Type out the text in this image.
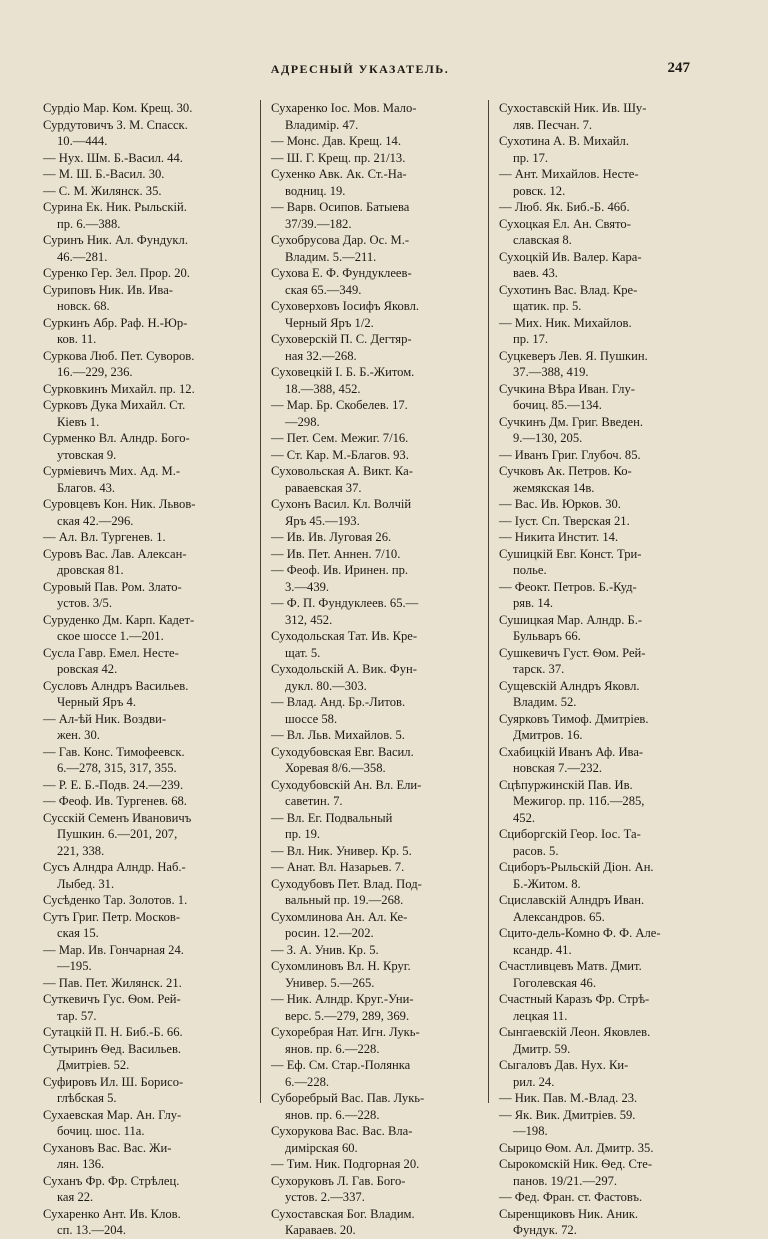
АДРЕСНЫЙ УКАЗАТЕЛЬ.	247
Сурдіо Мар. Ком. Крещ. 30.
Сурдутовичъ З. М. Спасск.
10.—444.
— Нух. Шм. Б.-Васил. 44.
— М. Ш. Б.-Васил. 30.
— С. М. Жилянск. 35.
Сурина Ек. Ник. Рыльскій.
пр. 6.—388.
Суринъ Ник. Ал. Фундукл.
46.—281.
Суренко Гер. Зел. Прор. 20.
Суриповъ Ник. Ив. Ива-
новск. 68.
Суркинъ Абр. Раф. Н.-Юр-
ков. 11.
Суркова Люб. Пет. Суворов.
16.—229, 236.
Сурковкинъ Михайл. пр. 12.
Сурковъ Дука Михайл. Ст.
Кіевъ 1.
Сурменко Вл. Алндр. Бого-
утовская 9.
Сурміевичъ Мих. Ад. М.-
Благов. 43.
Суровцевъ Кон. Ник. Львов-
ская 42.—296.
— Ал. Вл. Тургенев. 1.
Суровъ Вас. Лав. Алексан-
дровская 81.
Суровый Пав. Ром. Злато-
устов. 3/5.
Суруденко Дм. Карп. Кадет-
ское шоссе 1.—201.
Сусла Гавр. Емел. Несте-
ровская 42.
Сусловъ Алндръ Васильев.
Черный Яръ 4.
— Ал-ѣй Ник. Воздви-
жен. 30.
— Гав. Конс. Тимофеевск.
6.—278, 315, 317, 355.
— Р. Е. Б.-Подв. 24.—239.
— Феоф. Ив. Тургенев. 68.
Сусскій Семенъ Ивановичъ
Пушкин. 6.—201, 207,
221, 338.
Сусъ Алндра Алндр. Наб.-
Лыбед. 31.
Сусѣденко Тар. Золотов. 1.
Сутъ Григ. Петр. Москов-
ская 15.
— Мар. Ив. Гончарная 24.
—195.
— Пав. Пет. Жилянск. 21.
Суткевичъ Гус. Ѳом. Рей-
тар. 57.
Сутацкій П. Н. Биб.-Б. 66.
Сутыринъ Ѳед. Васильев.
Дмитріев. 52.
Суфировъ Ил. Ш. Борисо-
глѣбская 5.
Сухаевская Мар. Ан. Глу-
бочиц. шос. 11а.
Сухановъ Вас. Вас. Жи-
лян. 136.
Суханъ Фр. Фр. Стрѣлец.
кая 22.
Сухаренко Ант. Ив. Клов.
сп. 13.—204.
Сухаренко Іос. Мов. Мало-
Владимір. 47.
— Монс. Дав. Крещ. 14.
— Ш. Г. Крещ. пр. 21/13.
Сухенко Авк. Ак. Ст.-На-
водниц. 19.
— Варв. Осипов. Батыева
37/39.—182.
Сухобрусова Дар. Ос. М.-
Владим. 5.—211.
Сухова Е. Ф. Фундуклеев-
ская 65.—349.
Суховерховъ Іосифъ Яковл.
Черный Яръ 1/2.
Суховерскій П. С. Дегтяр-
ная 32.—268.
Суховецкій І. Б. Б.-Житом.
18.—388, 452.
— Мар. Бр. Скобелев. 17.
—298.
— Пет. Сем. Межиг. 7/16.
— Ст. Кар. М.-Благов. 93.
Суховольская А. Викт. Ка-
раваевская 37.
Сухонъ Васил. Кл. Волчій
Яръ 45.—193.
— Ив. Ив. Луговая 26.
— Ив. Пет. Аннен. 7/10.
— Феоф. Ив. Иринен. пр.
3.—439.
— Ф. П. Фундуклеев. 65.—
312, 452.
Суходольская Тат. Ив. Кре-
щат. 5.
Суходольскій А. Вик. Фун-
дукл. 80.—303.
— Влад. Анд. Бр.-Литов.
шоссе 58.
— Вл. Льв. Михайлов. 5.
Суходубовская Евг. Васил.
Хоревая 8/6.—358.
Суходубовскій Ан. Вл. Ели-
саветин. 7.
— Вл. Ег. Подвальный
пр. 19.
— Вл. Ник. Универ. Кр. 5.
— Анат. Вл. Назарьев. 7.
Суходубовъ Пет. Влад. Под-
вальный пр. 19.—268.
Сухомлинова Ан. Ал. Ке-
росин. 12.—202.
— З. А. Унив. Кр. 5.
Сухомлиновъ Вл. Н. Круг.
Универ. 5.—265.
— Ник. Алндр. Круг.-Уни-
верс. 5.—279, 289, 369.
Сухоребрая Нат. Игн. Лукь-
янов. пр. 6.—228.
— Еф. См. Стар.-Полянка
6.—228.
Суборебрый Вас. Пав. Лукь-
янов. пр. 6.—228.
Сухорукова Вас. Вас. Вла-
димірская 60.
— Тим. Ник. Подгорная 20.
Сухоруковъ Л. Гав. Бого-
устов. 2.—337.
Сухоставская Бог. Владим.
Караваев. 20.
Сухоставскій Ник. Ив. Шу-
ляв. Песчан. 7.
Сухотина А. В. Михайл.
пр. 17.
— Ант. Михайлов. Несте-
ровск. 12.
— Люб. Як. Биб.-Б. 46б.
Сухоцкая Ел. Ан. Свято-
славская 8.
Сухоцкій Ив. Валер. Кара-
ваев. 43.
Сухотинъ Вас. Влад. Кре-
щатик. пр. 5.
— Мих. Ник. Михайлов.
пр. 17.
Суцкеверъ Лев. Я. Пушкин.
37.—388, 419.
Сучкина Вѣра Иван. Глу-
бочиц. 85.—134.
Сучкинъ Дм. Григ. Введен.
9.—130, 205.
— Иванъ Григ. Глубоч. 85.
Сучковъ Ак. Петров. Ко-
жемякская 14в.
— Вас. Ив. Юрков. 30.
— Іуст. Сп. Тверская 21.
— Никита Инстит. 14.
Сушицкій Евг. Конст. Три-
полье.
— Феокт. Петров. Б.-Куд-
ряв. 14.
Сушицкая Мар. Алндр. Б.-
Бульваръ 66.
Сушкевичъ Густ. Ѳом. Рей-
тарск. 37.
Сущевскій Алндръ Яковл.
Владим. 52.
Суярковъ Тимоф. Дмитріев.
Дмитров. 16.
Схабицкій Иванъ Аф. Ива-
новская 7.—232.
Сцѣпуржинскій Пав. Ив.
Межигор. пр. 11б.—285,
452.
Сциборгскій Геор. Іос. Та-
расов. 5.
Сциборъ-Рыльскій Діон. Ан.
Б.-Житом. 8.
Сциславскій Алндръ Иван.
Александров. 65.
Сцито-дель-Комно Ф. Ф. Але-
ксандр. 41.
Счастливцевъ Матв. Дмит.
Гоголевская 46.
Счастный Каразъ Фр. Стрѣ-
лецкая 11.
Сынгаевскій Леон. Яковлев.
Дмитр. 59.
Сыгаловъ Дав. Нух. Ки-
рил. 24.
— Ник. Пав. М.-Влад. 23.
— Як. Вик. Дмитріев. 59.
—198.
Сырицо Ѳом. Ал. Дмитр. 35.
Сырокомскій Ник. Ѳед. Сте-
панов. 19/21.—297.
— Фед. Фран. ст. Фастовъ.
Сыренщиковъ Ник. Аник.
Фундук. 72.
